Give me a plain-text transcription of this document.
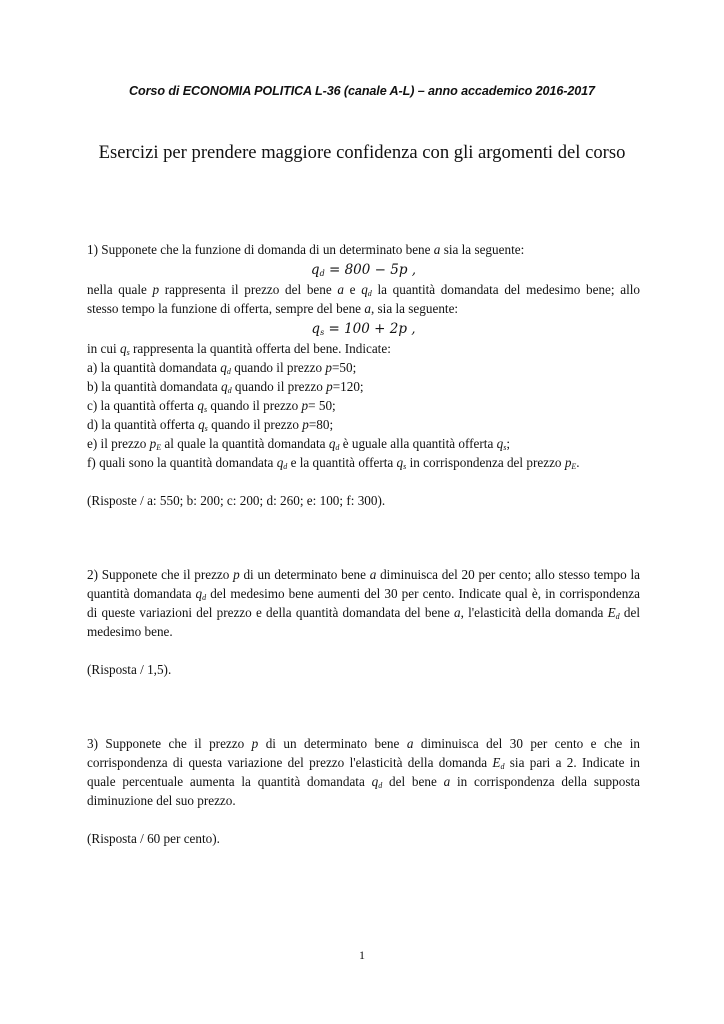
Corso di ECONOMIA POLITICA L-36 (canale A-L) – anno accademico 2016-2017
Esercizi per prendere maggiore confidenza con gli argomenti del corso

1) Supponete che la funzione di domanda di un determinato bene a sia la seguente:

$q_d = 800 - 5p$ ,

nella quale p rappresenta il prezzo del bene a e $q_d$ la quantità domandata del medesimo bene; allo

stesso tempo la funzione di offerta, sempre del bene a, sia la seguente:

$q_s = 100 + 2p$ ,

in cui $q_s$ rappresenta la quantità offerta del bene. Indicate:

a) la quantità domandata $q_d$ quando il prezzo p=50;

b) la quantità domandata $q_d$ quando il prezzo p=120;

c) la quantità offerta $q_s$ quando il prezzo p= 50;

d) la quantità offerta $q_s$ quando il prezzo p=80;

e) il prezzo $p_E$ al quale la quantità domandata $q_d$ è uguale alla quantità offerta $q_s$;

f) quali sono la quantità domandata $q_d$ e la quantità offerta $q_s$ in corrispondenza del prezzo $p_E$.

(Risposte / a: 550; b: 200; c: 200; d: 260; e: 100; f: 300).

2) Supponete che il prezzo p di un determinato bene a diminuisca del 20 per cento; allo stesso tempo la quantità domandata $q_d$ del medesimo bene aumenti del 30 per cento. Indicate qual è, in corrispondenza di queste variazioni del prezzo e della quantità domandata del bene a, l'elasticità della domanda $E_d$ del medesimo bene.

(Risposta / 1,5).

3) Supponete che il prezzo p di un determinato bene a diminuisca del 30 per cento e che in corrispondenza di questa variazione del prezzo l'elasticità della domanda $E_d$ sia pari a 2. Indicate in quale percentuale aumenta la quantità domandata $q_d$ del bene a in corrispondenza della supposta diminuzione del suo prezzo.

(Risposta / 60 per cento).

1
